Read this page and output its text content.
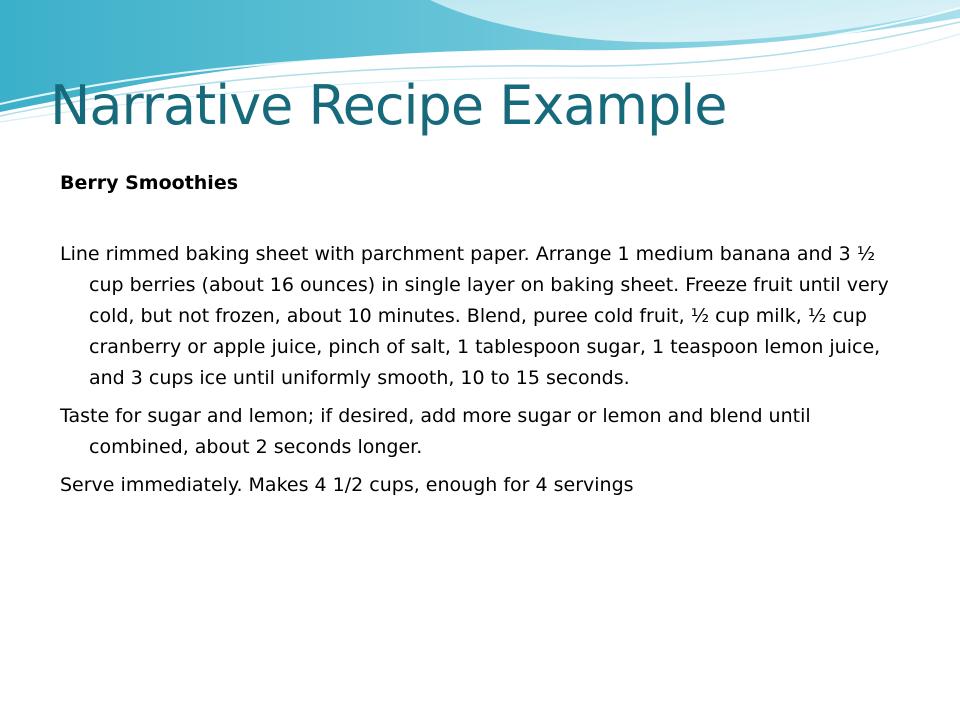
Narrative Recipe Example

Berry Smoothies

Line rimmed baking sheet with parchment paper. Arrange 1 medium banana and 3 ½ cup berries (about 16 ounces) in single layer on baking sheet. Freeze fruit until very cold, but not frozen, about 10 minutes. Blend, puree cold fruit, ½ cup milk, ½ cup cranberry or apple juice, pinch of salt, 1 tablespoon sugar, 1 teaspoon lemon juice, and 3 cups ice until uniformly smooth, 10 to 15 seconds.

Taste for sugar and lemon; if desired, add more sugar or lemon and blend until combined, about 2 seconds longer.

Serve immediately. Makes 4 1/2 cups, enough for 4 servings
